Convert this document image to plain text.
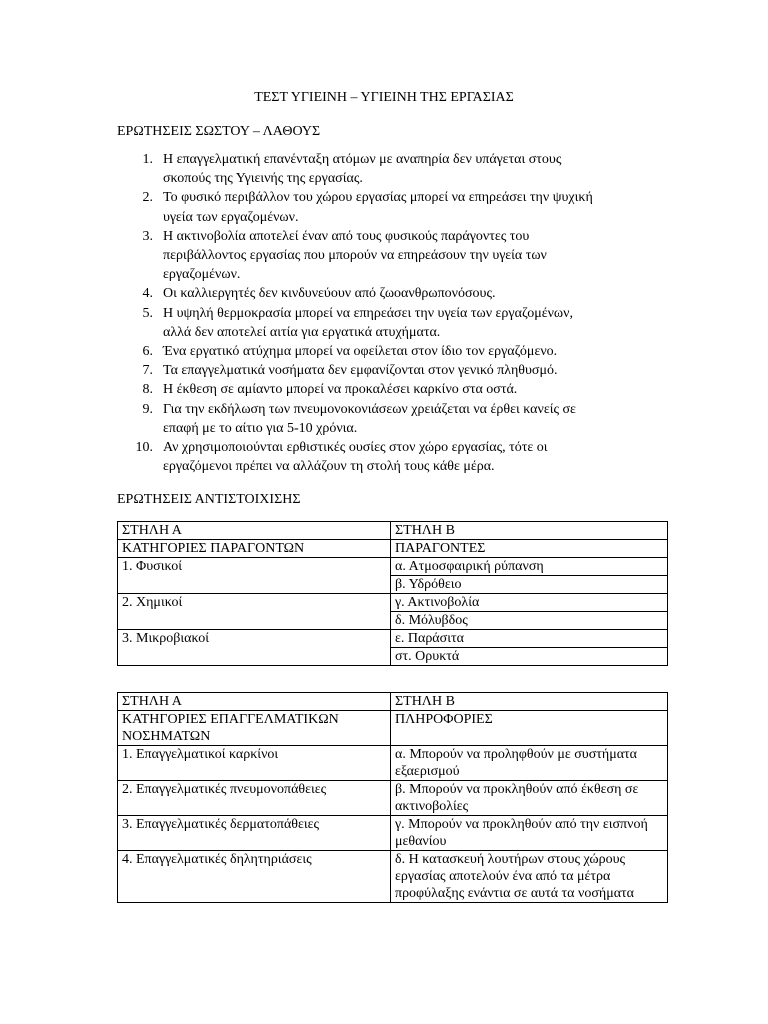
ΤΕΣΤ ΥΓΙΕΙΝΗ – ΥΓΙΕΙΝΗ ΤΗΣ ΕΡΓΑΣΙΑΣ
ΕΡΩΤΗΣΕΙΣ ΣΩΣΤΟΥ – ΛΑΘΟΥΣ
1. Η επαγγελματική επανένταξη ατόμων με αναπηρία δεν υπάγεται στους
σκοπούς της Υγιεινής της εργασίας.
2. Το φυσικό περιβάλλον του χώρου εργασίας μπορεί να επηρεάσει την ψυχική
υγεία των εργαζομένων.
3. Η ακτινοβολία αποτελεί έναν από τους φυσικούς παράγοντες του
περιβάλλοντος εργασίας που μπορούν να επηρεάσουν την υγεία των
εργαζομένων.
4. Οι καλλιεργητές δεν κινδυνεύουν από ζωοανθρωπονόσους.
5. Η υψηλή θερμοκρασία μπορεί να επηρεάσει την υγεία των εργαζομένων,
αλλά δεν αποτελεί αιτία για εργατικά ατυχήματα.
6. Ένα εργατικό ατύχημα μπορεί να οφείλεται στον ίδιο τον εργαζόμενο.
7. Τα επαγγελματικά νοσήματα δεν εμφανίζονται στον γενικό πληθυσμό.
8. Η έκθεση σε αμίαντο μπορεί να προκαλέσει καρκίνο στα οστά.
9. Για την εκδήλωση των πνευμονοκονιάσεων χρειάζεται να έρθει κανείς σε
επαφή με το αίτιο για 5-10 χρόνια.
10. Αν χρησιμοποιούνται ερθιστικές ουσίες στον χώρο εργασίας, τότε οι
εργαζόμενοι πρέπει να αλλάζουν τη στολή τους κάθε μέρα.
ΕΡΩΤΗΣΕΙΣ ΑΝΤΙΣΤΟΙΧΙΣΗΣ
ΣΤΗΛΗ Α	ΣΤΗΛΗ Β
ΚΑΤΗΓΟΡΙΕΣ ΠΑΡΑΓΟΝΤΩΝ	ΠΑΡΑΓΟΝΤΕΣ
1. Φυσικοί	α. Ατμοσφαιρική ρύπανση
	β. Υδρόθειο
2. Χημικοί	γ. Ακτινοβολία
	δ. Μόλυβδος
3. Μικροβιακοί	ε. Παράσιτα
	στ. Ορυκτά
ΣΤΗΛΗ Α	ΣΤΗΛΗ Β
ΚΑΤΗΓΟΡΙΕΣ ΕΠΑΓΓΕΛΜΑΤΙΚΩΝ ΝΟΣΗΜΑΤΩΝ	ΠΛΗΡΟΦΟΡΙΕΣ
1. Επαγγελματικοί καρκίνοι	α. Μπορούν να προληφθούν με συστήματα εξαερισμού
2. Επαγγελματικές πνευμονοπάθειες	β. Μπορούν να προκληθούν από έκθεση σε ακτινοβολίες
3. Επαγγελματικές δερματοπάθειες	γ. Μπορούν να προκληθούν από την εισπνοή μεθανίου
4. Επαγγελματικές δηλητηριάσεις	δ. Η κατασκευή λουτήρων στους χώρους εργασίας αποτελούν ένα από τα μέτρα προφύλαξης ενάντια σε αυτά τα νοσήματα
